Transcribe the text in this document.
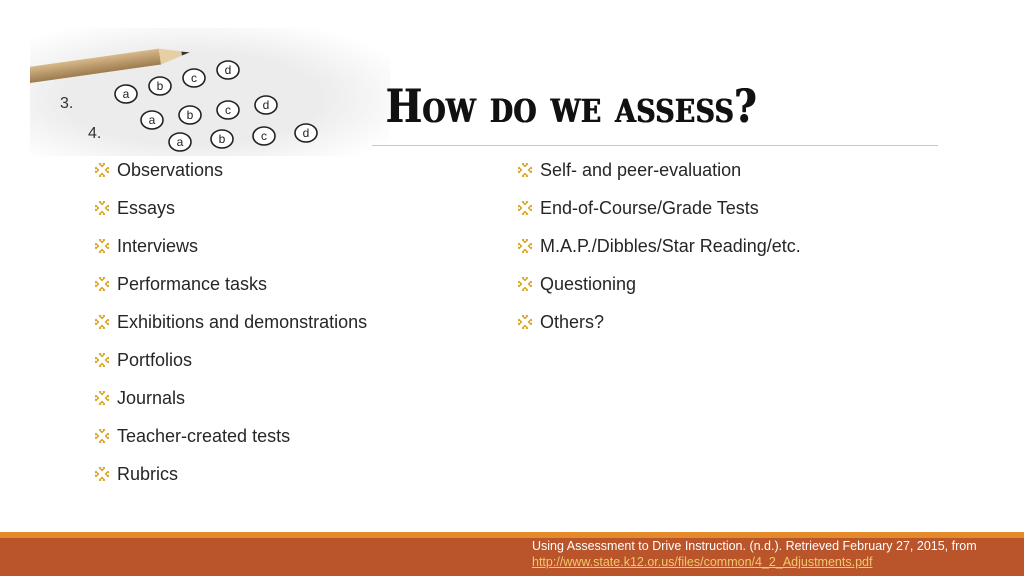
3.
4.
a
b
c
d
a	b	c	d
a	b	c	d How do we assess?
Observations
Essays
Interviews
Performance tasks
Exhibitions and demonstrations
Portfolios
Journals
Teacher-created tests
Rubrics
Self- and peer-evaluation
End-of-Course/Grade Tests
M.A.P./Dibbles/Star Reading/etc.
Questioning
Others?
Using Assessment to Drive Instruction. (n.d.). Retrieved February 27, 2015, from
http://www.state.k12.or.us/files/common/4_2_Adjustments.pdf
